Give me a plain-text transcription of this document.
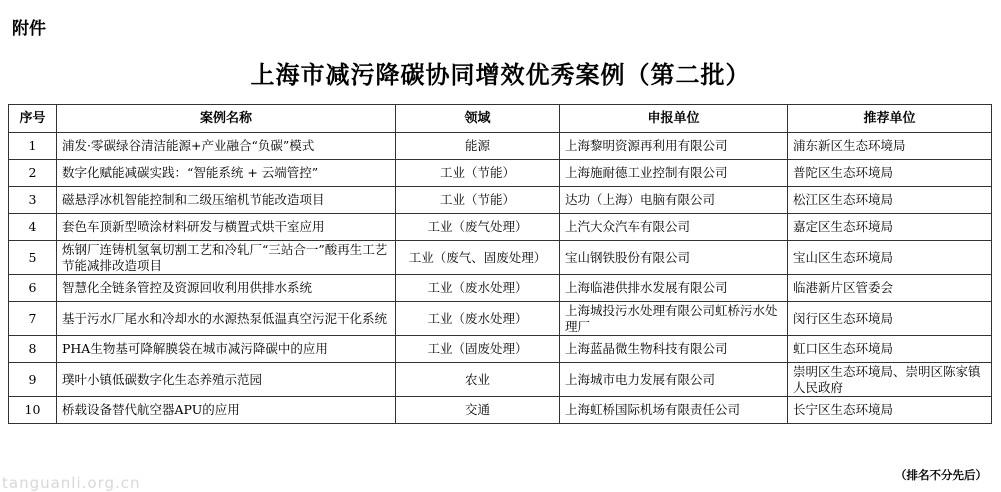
附件
上海市减污降碳协同增效优秀案例（第二批）
序号	案例名称	领域	申报单位	推荐单位
1	浦发·零碳绿谷清洁能源+产业融合“负碳”模式	能源	上海黎明资源再利用有限公司	浦东新区生态环境局
2	数字化赋能减碳实践：“智能系统 + 云端管控”	工业（节能）	上海施耐德工业控制有限公司	普陀区生态环境局
3	磁悬浮冰机智能控制和二级压缩机节能改造项目	工业（节能）	达功（上海）电脑有限公司	松江区生态环境局
4	套色车顶新型喷涂材料研发与横置式烘干室应用	工业（废气处理）	上汽大众汽车有限公司	嘉定区生态环境局
5	炼钢厂连铸机氢氧切割工艺和冷轧厂“三站合一”酸再生工艺节能减排改造项目	工业（废气、固废处理）	宝山钢铁股份有限公司	宝山区生态环境局
6	智慧化全链条管控及资源回收利用供排水系统	工业（废水处理）	上海临港供排水发展有限公司	临港新片区管委会
7	基于污水厂尾水和冷却水的水源热泵低温真空污泥干化系统	工业（废水处理）	上海城投污水处理有限公司虹桥污水处理厂	闵行区生态环境局
8	PHA生物基可降解膜袋在城市减污降碳中的应用	工业（固废处理）	上海蓝晶微生物科技有限公司	虹口区生态环境局
9	璞叶小镇低碳数字化生态养殖示范园	农业	上海城市电力发展有限公司	崇明区生态环境局、崇明区陈家镇人民政府
10	桥载设备替代航空器APU的应用	交通	上海虹桥国际机场有限责任公司	长宁区生态环境局
（排名不分先后）
tanguanli.org.cn
